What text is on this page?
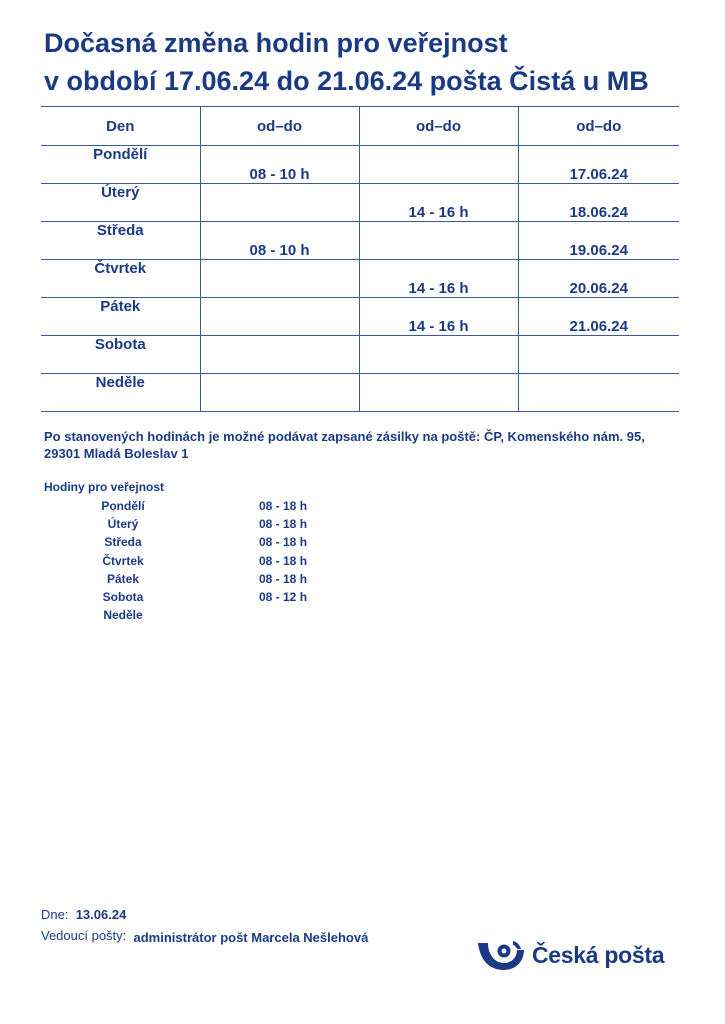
Dočasná změna hodin pro veřejnost
v období 17.06.24 do 21.06.24 pošta Čistá u MB
Den	od–do	od–do	od–do
Pondělí	08 - 10 h		17.06.24
Úterý		14 - 16 h	18.06.24
Středa	08 - 10 h		19.06.24
Čtvrtek		14 - 16 h	20.06.24
Pátek		14 - 16 h	21.06.24
Sobota			
Neděle			
Po stanovených hodinách je možné podávat zapsané zásilky na poště: ČP, Komenského nám. 95, 29301 Mladá Boleslav 1
Hodiny pro veřejnost
Pondělí	08 - 18 h
Úterý	08 - 18 h
Středa	08 - 18 h
Čtvrtek	08 - 18 h
Pátek	08 - 18 h
Sobota	08 - 12 h
Neděle
Dne: 13.06.24
Vedoucí pošty: administrátor pošt Marcela Nešlehová
Česká pošta
